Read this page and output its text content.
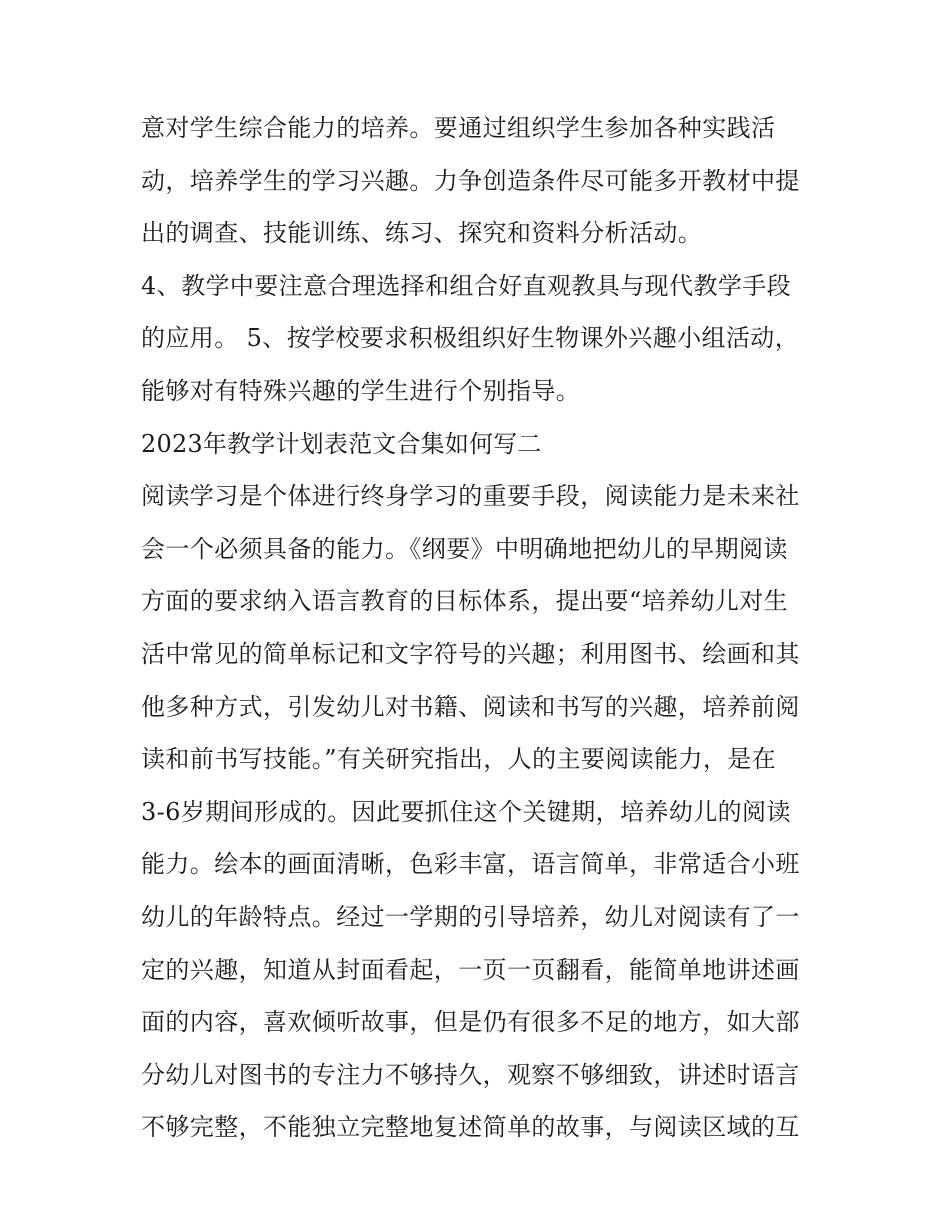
意对学生综合能力的培养。要通过组织学生参加各种实践活
动，培养学生的学习兴趣。力争创造条件尽可能多开教材中提
出的调查、技能训练、练习、探究和资料分析活动。
4、教学中要注意合理选择和组合好直观教具与现代教学手段
的应用。 5、按学校要求积极组织好生物课外兴趣小组活动，
能够对有特殊兴趣的学生进行个别指导。
2023年教学计划表范文合集如何写二
阅读学习是个体进行终身学习的重要手段，阅读能力是未来社
会一个必须具备的能力。《纲要》中明确地把幼儿的早期阅读
方面的要求纳入语言教育的目标体系，提出要“培养幼儿对生
活中常见的简单标记和文字符号的兴趣；利用图书、绘画和其
他多种方式，引发幼儿对书籍、阅读和书写的兴趣，培养前阅
读和前书写技能。”有关研究指出，人的主要阅读能力，是在
3-6岁期间形成的。因此要抓住这个关键期，培养幼儿的阅读
能力。绘本的画面清晰，色彩丰富，语言简单，非常适合小班
幼儿的年龄特点。经过一学期的引导培养，幼儿对阅读有了一
定的兴趣，知道从封面看起，一页一页翻看，能简单地讲述画
面的内容，喜欢倾听故事，但是仍有很多不足的地方，如大部
分幼儿对图书的专注力不够持久，观察不够细致，讲述时语言
不够完整，不能独立完整地复述简单的故事，与阅读区域的互
